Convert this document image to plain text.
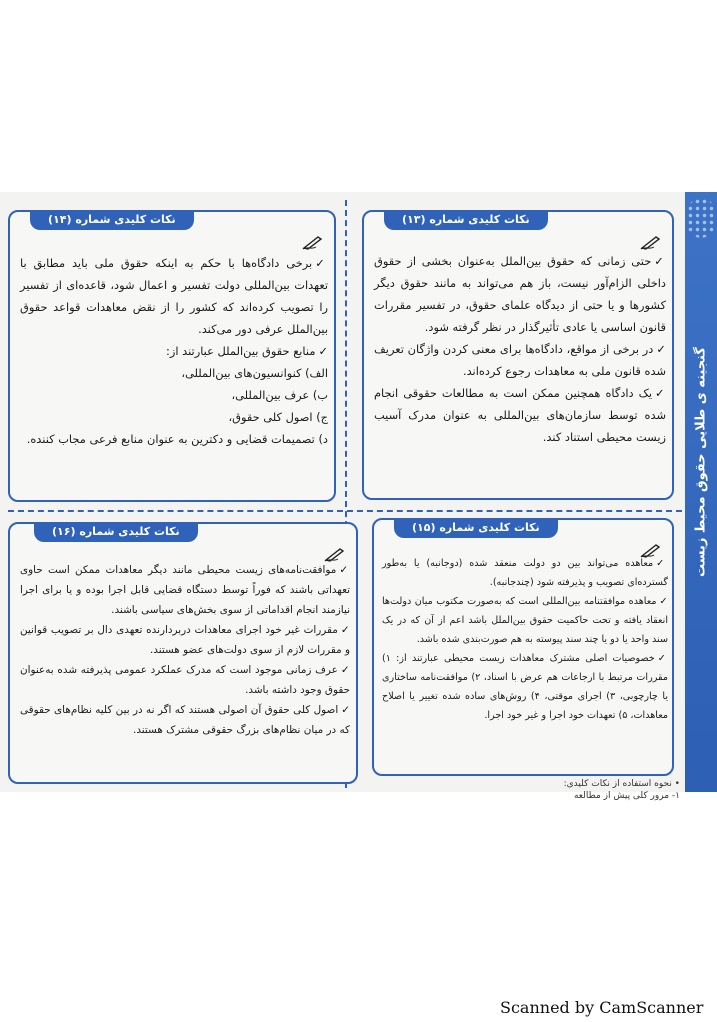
گنجینه ی طلایی حقوق محیط زیست
نکات کلیدی شماره (۱۳)

✓حتی زمانی که حقوق بین‌الملل به‌عنوان بخشی از حقوق داخلی الزام‌آور نیست، باز هم می‌تواند به مانند حقوق دیگر کشورها و یا حتی از دیدگاه علمای حقوق، در تفسیر مقررات قانون اساسی یا عادی تأثیرگذار در نظر گرفته شود.

✓در برخی از مواقع، دادگاه‌ها برای معنی کردن واژگان تعریف شده قانون ملی به معاهدات رجوع کرده‌اند.

✓یک دادگاه همچنین ممکن است به مطالعات حقوقی انجام شده توسط سازمان‌های بین‌المللی به عنوان مدرک آسیب زیست محیطی استناد کند.

نکات کلیدی شماره (۱۴)

✓برخی دادگاه‌ها با حکم به اینکه حقوق ملی باید مطابق با تعهدات بین‌المللی دولت تفسیر و اعمال شود، قاعده‌ای از تفسیر را تصویب کرده‌اند که کشور را از نقض معاهدات قواعد حقوق بین‌الملل عرفی دور می‌کند.

✓منابع حقوق بین‌الملل عبارتند از:

الف) کنوانسیون‌های بین‌المللی،

ب) عرف بین‌المللی،

ج) اصول کلی حقوق،

د) تصمیمات قضایی و دکترین به عنوان منابع فرعی مجاب کننده.

نکات کلیدی شماره (۱۵)

✓معاهده می‌تواند بین دو دولت منعقد شده (دوجانبه) یا به‌طور گسترده‌ای تصویب و پذیرفته شود (چندجانبه).

✓معاهده موافقتنامه بین‌المللی است که به‌صورت مکتوب میان دولت‌ها انعقاد یافته و تحت حاکمیت حقوق بین‌الملل باشد اعم از آن که در یک سند واحد یا دو یا چند سند پیوسته به هم صورت‌بندی شده باشد.

✓خصوصیات اصلی مشترک معاهدات زیست محیطی عبارتند از: ۱) مقررات مرتبط با ارجاعات هم عرض با اسناد، ۲) موافقت‌نامه ساختاری یا چارچوبی، ۳) اجرای موقتی، ۴) روش‌های ساده شده تغییر یا اصلاح معاهدات، ۵) تعهدات خود اجرا و غیر خود اجرا.

• نحوه استفاده از نکات کلیدی:
۱- مرور کلی پیش از مطالعه
نکات کلیدی شماره (۱۶)

✓موافقت‌نامه‌های زیست محیطی مانند دیگر معاهدات ممکن است حاوی تعهداتی باشند که فوراً توسط دستگاه قضایی قابل اجرا بوده و یا برای اجرا نیازمند انجام اقداماتی از سوی بخش‌های سیاسی باشند.

✓مقررات غیر خود اجرای معاهدات دربردارنده تعهدی دال بر تصویب قوانین و مقررات لازم از سوی دولت‌های عضو هستند.

✓عرف زمانی موجود است که مدرک عملکرد عمومی پذیرفته شده به‌عنوان حقوق وجود داشته باشد.

✓اصول کلی حقوق آن اصولی هستند که اگر نه در بین کلیه نظام‌های حقوقی که در میان نظام‌های بزرگ حقوقی مشترک هستند.

Scanned by CamScanner
